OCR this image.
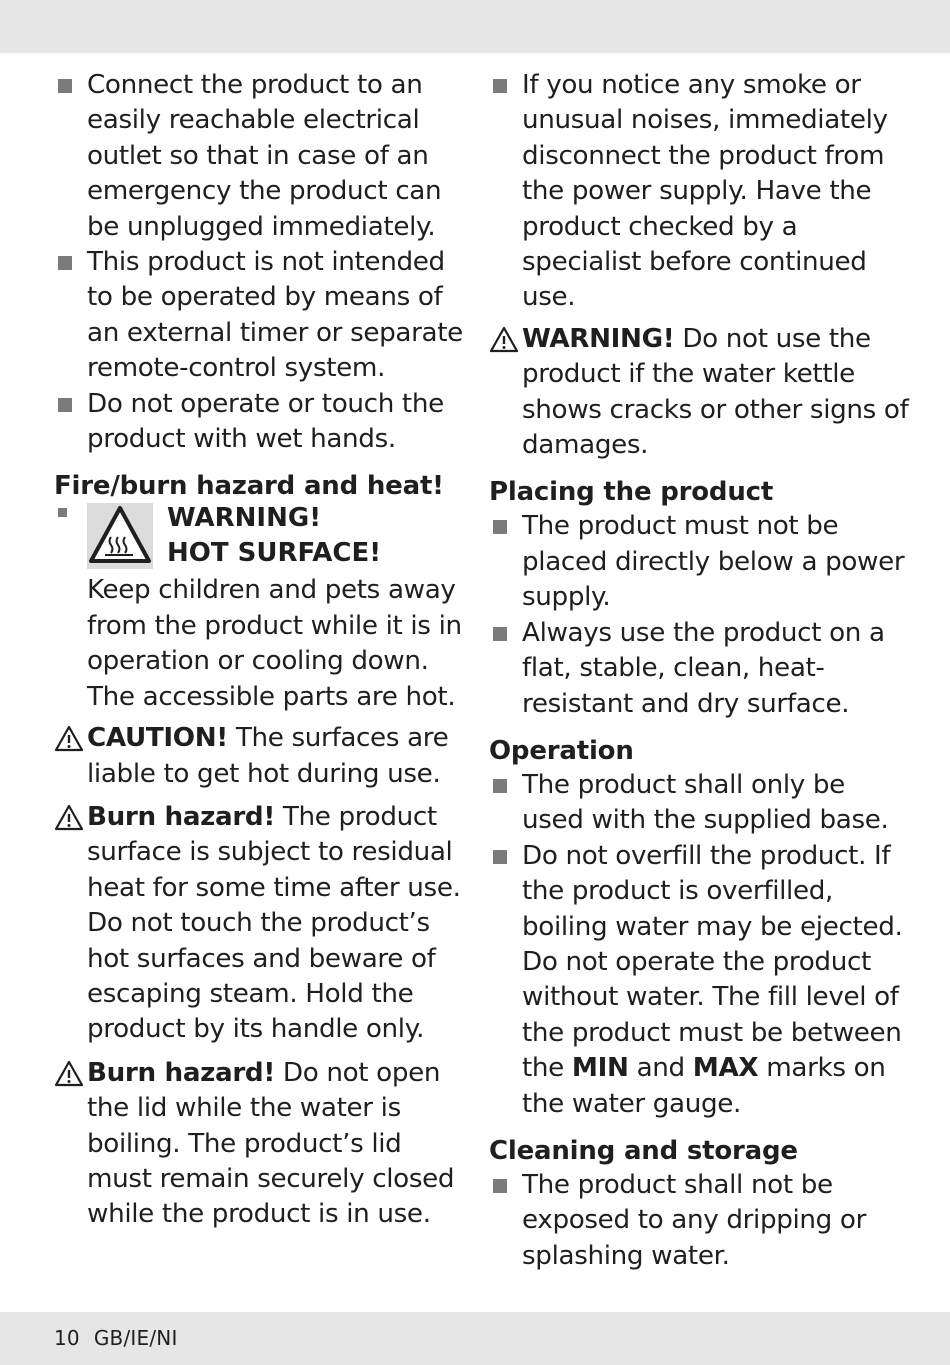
Connect the product to an easily reachable electrical outlet so that in case of an emergency the product can be unplugged immediately.
This product is not intended to be operated by means of an external timer or separate remote-control system.
Do not operate or touch the product with wet hands.
Fire/burn hazard and heat!
WARNING!
HOT SURFACE!
Keep children and pets away from the product while it is in operation or cooling down. The accessible parts are hot.
CAUTION! The surfaces are liable to get hot during use.
Burn hazard! The product surface is subject to residual heat for some time after use. Do not touch the product’s hot surfaces and beware of escaping steam. Hold the product by its handle only.
Burn hazard! Do not open the lid while the water is boiling. The product’s lid must remain securely closed while the product is in use.
If you notice any smoke or unusual noises, immediately disconnect the product from the power supply. Have the product checked by a specialist before continued use.
WARNING! Do not use the product if the water kettle shows cracks or other signs of damages.
Placing the product
The product must not be placed directly below a power supply.
Always use the product on a flat, stable, clean, heat-resistant and dry surface.
Operation
The product shall only be used with the supplied base.
Do not overfill the product. If the product is overfilled, boiling water may be ejected. Do not operate the product without water. The fill level of the product must be between the MIN and MAX marks on the water gauge.
Cleaning and storage
The product shall not be exposed to any dripping or splashing water.
10 GB/IE/NI
